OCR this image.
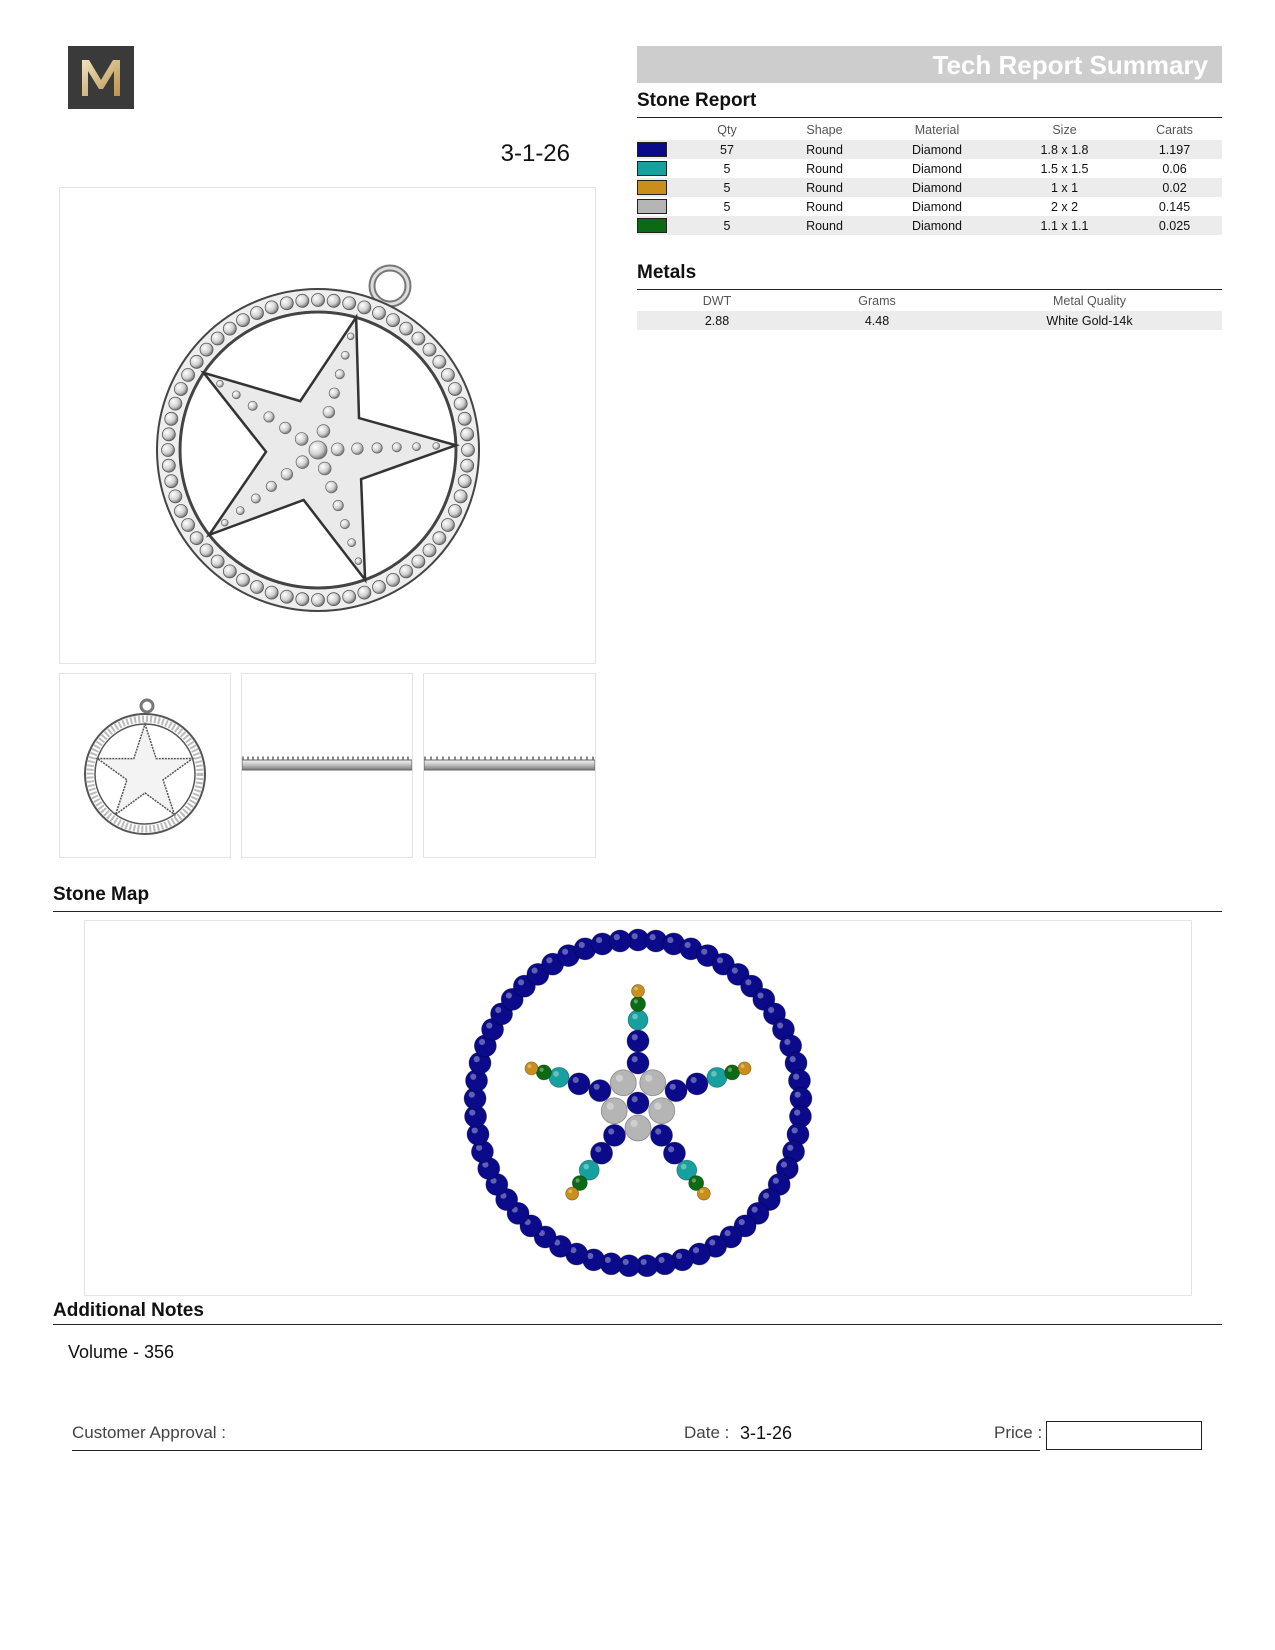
3-1-26
Tech Report Summary
Stone Report
	Qty	Shape	Material	Size	Carats
	57	Round	Diamond	1.8 x 1.8	1.197
	5	Round	Diamond	1.5 x 1.5	0.06
	5	Round	Diamond	1 x 1	0.02
	5	Round	Diamond	2 x 2	0.145
	5	Round	Diamond	1.1 x 1.1	0.025
Metals
DWT	Grams	Metal Quality
2.88	4.48	White Gold-14k
Stone Map
Additional Notes
Volume - 356
Customer Approval :	Date : 3-1-26	Price :
